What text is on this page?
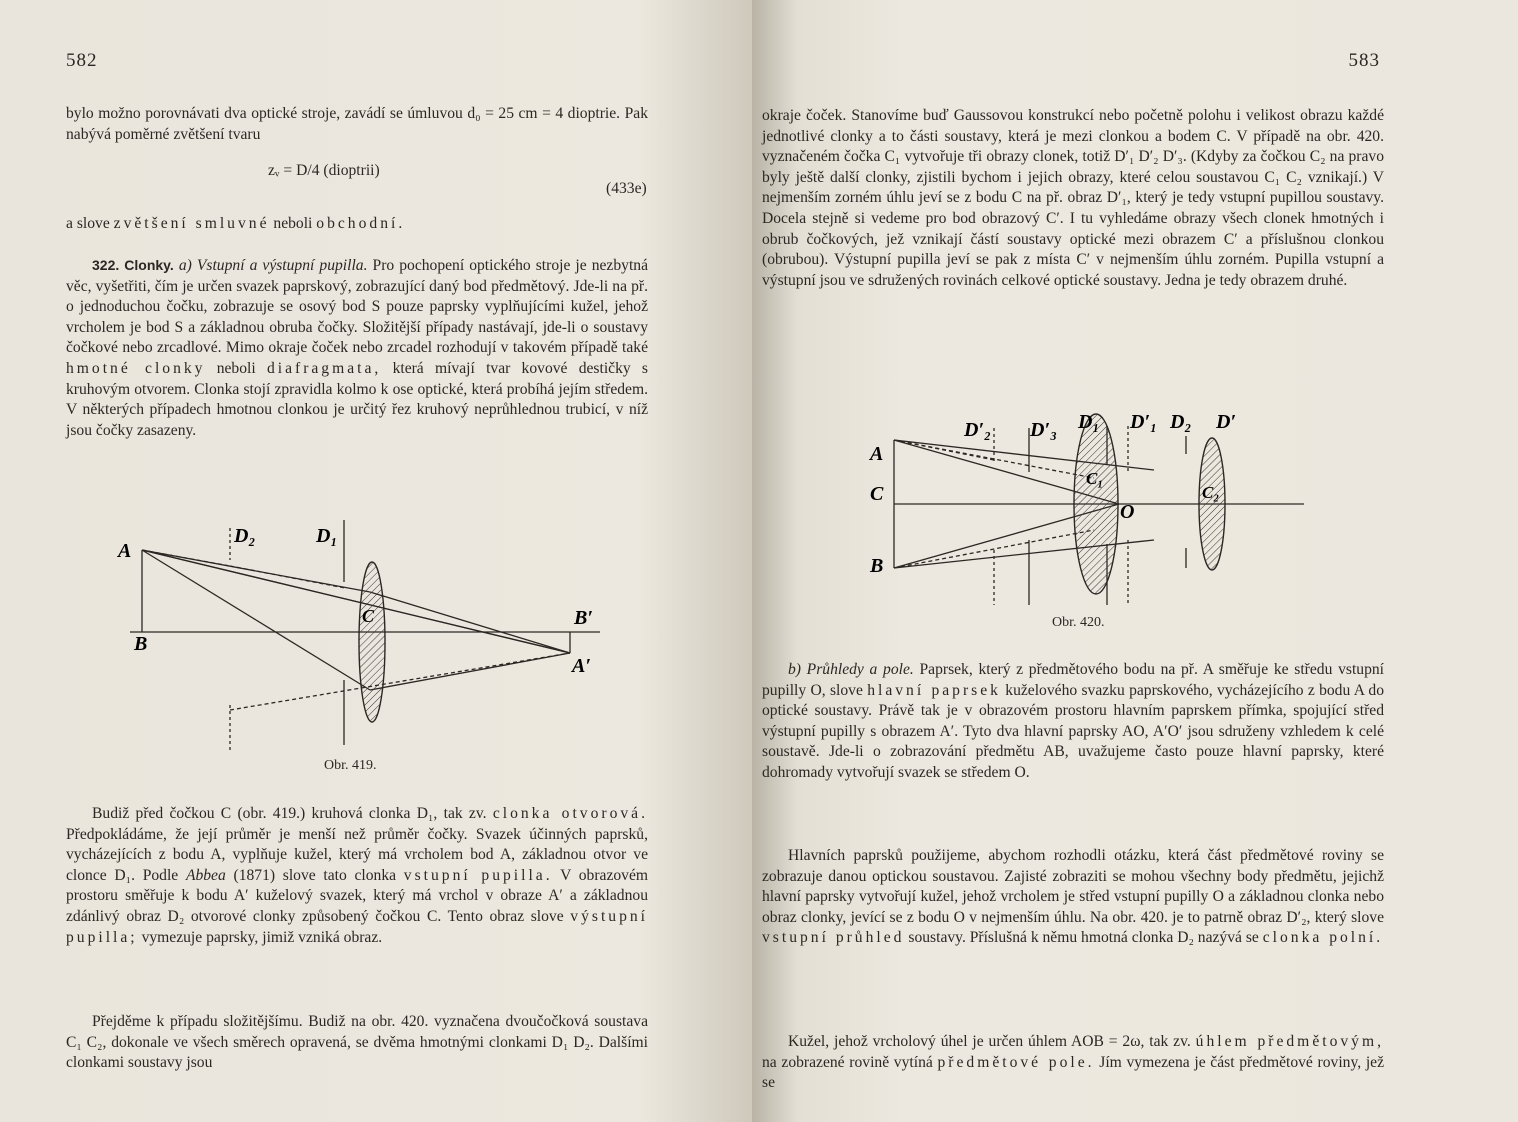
582

bylo možno porovnávati dva optické stroje, zavádí se úmluvou d₀ = 25 cm = 4 dioptrie. Pak nabývá poměrné zvětšení tvaru

zᵥ = D/4 (dioptrii)
(433e)

a slove zvětšení smluvné neboli obchodní.

322. Clonky. a) Vstupní a výstupní pupilla. Pro pochopení optického stroje je nezbytná věc, vyšetřiti, čím je určen svazek paprskový, zobrazující daný bod předmětový. Jde-li na př. o jednoduchou čočku, zobrazuje se osový bod S pouze paprsky vyplňujícími kužel, jehož vrcholem je bod S a základnou obruba čočky. Složitější případy nastávají, jde-li o soustavy čočkové nebo zrcadlové. Mimo okraje čoček nebo zrcadel rozhodují v takovém případě také hmotné clonky neboli diafragmata, která mívají tvar kovové destičky s kruhovým otvorem. Clonka stojí zpravidla kolmo k ose optické, která probíhá jejím středem. V některých případech hmotnou clonkou je určitý řez kruhový neprůhlednou trubicí, v níž jsou čočky zasazeny.

A
B
C
D₂	D₁
B′
A′
Obr. 419.

Budiž před čočkou C (obr. 419.) kruhová clonka D₁, tak zv. clonka otvorová. Předpokládáme, že její průměr je menší než průměr čočky. Svazek účinných paprsků, vycházejících z bodu A, vyplňuje kužel, který má vrcholem bod A, základnou otvor ve clonce D₁. Podle Abbea (1871) slove tato clonka vstupní pupilla. V obrazovém prostoru směřuje k bodu A′ kuželový svazek, který má vrchol v obraze A′ a základnou zdánlivý obraz D₂ otvorové clonky způsobený čočkou C. Tento obraz slove výstupní pupilla; vymezuje paprsky, jimiž vzniká obraz.

Přejděme k případu složitějšímu. Budiž na obr. 420. vyznačena dvoučočková soustava C₁ C₂, dokonale ve všech směrech opravená, se dvěma hmotnými clonkami D₁ D₂. Dalšími clonkami soustavy jsou

583

okraje čoček. Stanovíme buď Gaussovou konstrukcí nebo početně polohu i velikost obrazu každé jednotlivé clonky a to části soustavy, která je mezi clonkou a bodem C. V případě na obr. 420. vyznačeném čočka C₁ vytvořuje tři obrazy clonek, totiž D′₁ D′₂ D′₃. (Kdyby za čočkou C₂ na pravo byly ještě další clonky, zjistili bychom i jejich obrazy, které celou soustavou C₁ C₂ vznikají.) V nejmenším zorném úhlu jeví se z bodu C na př. obraz D′₁, který je tedy vstupní pupillou soustavy. Docela stejně si vedeme pro bod obrazový C′. I tu vyhledáme obrazy všech clonek hmotných i obrub čočkových, jež vznikají částí soustavy optické mezi obrazem C′ a příslušnou clonkou (obrubou). Výstupní pupilla jeví se pak z místa C′ v nejmenším úhlu zorném. Pupilla vstupní a výstupní jsou ve sdružených rovinách celkové optické soustavy. Jedna je tedy obrazem druhé.

A
C
B
O
D′₂ D′₃ D₁ D′₁ D₂ D′
C₁
C₂
Obr. 420.

b) Průhledy a pole. Paprsek, který z předmětového bodu na př. A směřuje ke středu vstupní pupilly O, slove hlavní paprsek kuželového svazku paprskového, vycházejícího z bodu A do optické soustavy. Právě tak je v obrazovém prostoru hlavním paprskem přímka, spojující střed výstupní pupilly s obrazem A′. Tyto dva hlavní paprsky AO, A′O′ jsou sdruženy vzhledem k celé soustavě. Jde-li o zobrazování předmětu AB, uvažujeme často pouze hlavní paprsky, které dohromady vytvořují svazek se středem O.

Hlavních paprsků použijeme, abychom rozhodli otázku, která část předmětové roviny se zobrazuje danou optickou soustavou. Zajisté zobraziti se mohou všechny body předmětu, jejichž hlavní paprsky vytvořují kužel, jehož vrcholem je střed vstupní pupilly O a základnou clonka nebo obraz clonky, jevící se z bodu O v nejmenším úhlu. Na obr. 420. je to patrně obraz D′₂, který slove vstupní průhled soustavy. Příslušná k němu hmotná clonka D₂ nazývá se clonka polní.

Kužel, jehož vrcholový úhel je určen úhlem AOB = 2ω, tak zv. úhlem předmětovým, na zobrazené rovině vytíná předmětové pole. Jím vymezena je část předmětové roviny, jež se
